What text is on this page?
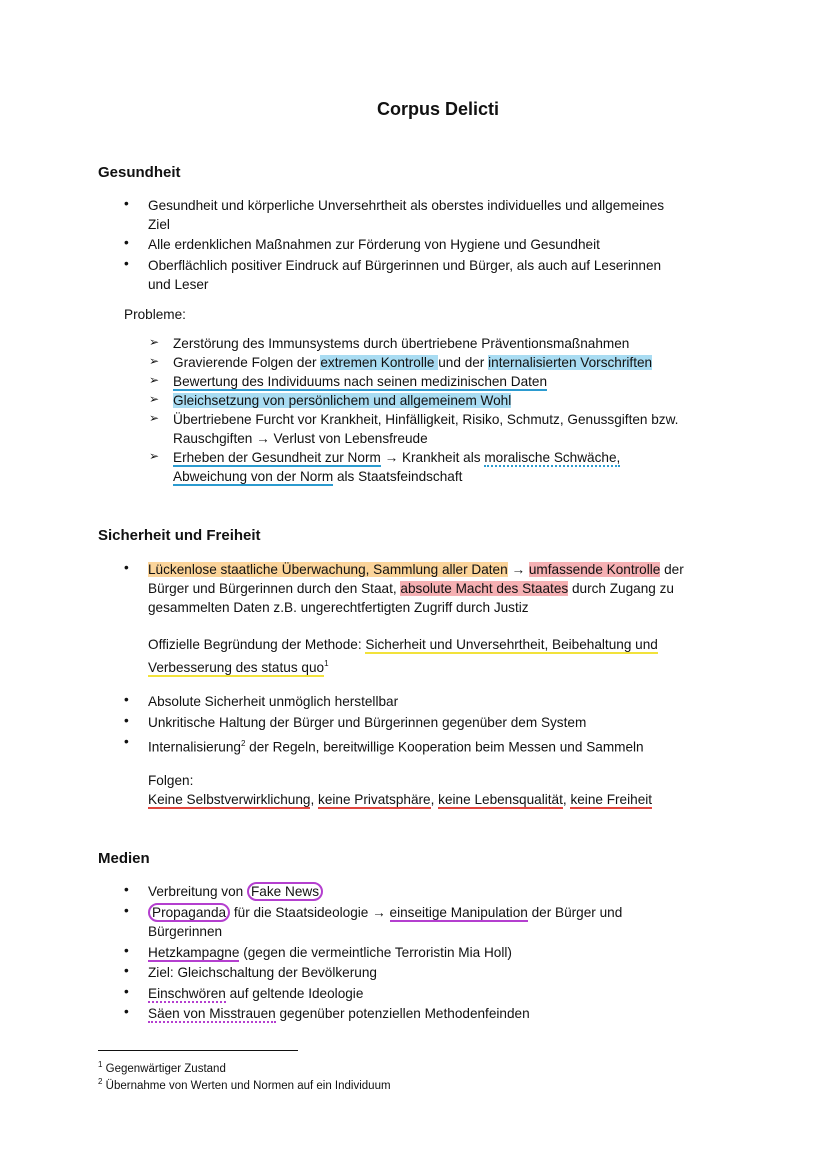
Corpus Delicti
Gesundheit
Sicherheit und Freiheit
Medien
• Gesundheit und körperliche Unversehrtheit als oberstes individuelles und allgemeines
Ziel
• Alle erdenklichen Maßnahmen zur Förderung von Hygiene und Gesundheit
• Oberflächlich positiver Eindruck auf Bürgerinnen und Bürger, als auch auf Leserinnen
und Leser
Probleme:
➢ Zerstörung des Immunsystems durch übertriebene Präventionsmaßnahmen
➢ Gravierende Folgen der extremen Kontrolle und der internalisierten Vorschriften
➢ Bewertung des Individuums nach seinen medizinischen Daten
➢ Gleichsetzung von persönlichem und allgemeinem Wohl
➢ Übertriebene Furcht vor Krankheit, Hinfälligkeit, Risiko, Schmutz, Genussgiften bzw.
Rauschgiften → Verlust von Lebensfreude
➢ Erheben der Gesundheit zur Norm → Krankheit als moralische Schwäche,
Abweichung von der Norm als Staatsfeindschaft
• Lückenlose staatliche Überwachung, Sammlung aller Daten → umfassende Kontrolle der
Bürger und Bürgerinnen durch den Staat, absolute Macht des Staates durch Zugang zu
gesammelten Daten z.B. ungerechtfertigten Zugriff durch Justiz
Offizielle Begründung der Methode: Sicherheit und Unversehrtheit, Beibehaltung und
Verbesserung des status quo$^1$
• Absolute Sicherheit unmöglich herstellbar
• Unkritische Haltung der Bürger und Bürgerinnen gegenüber dem System
• Internalisierung$^2$ der Regeln, bereitwillige Kooperation beim Messen und Sammeln
Folgen:
Keine Selbstverwirklichung, keine Privatsphäre, keine Lebensqualität, keine Freiheit
• Verbreitung von Fake News
• Propaganda für die Staatsideologie → einseitige Manipulation der Bürger und
Bürgerinnen
• Hetzkampagne (gegen die vermeintliche Terroristin Mia Holl)
• Ziel: Gleichschaltung der Bevölkerung
• Einschwören auf geltende Ideologie
• Säen von Misstrauen gegenüber potenziellen Methodenfeinden
$^1$ Gegenwärtiger Zustand
$^2$ Übernahme von Werten und Normen auf ein Individuum
